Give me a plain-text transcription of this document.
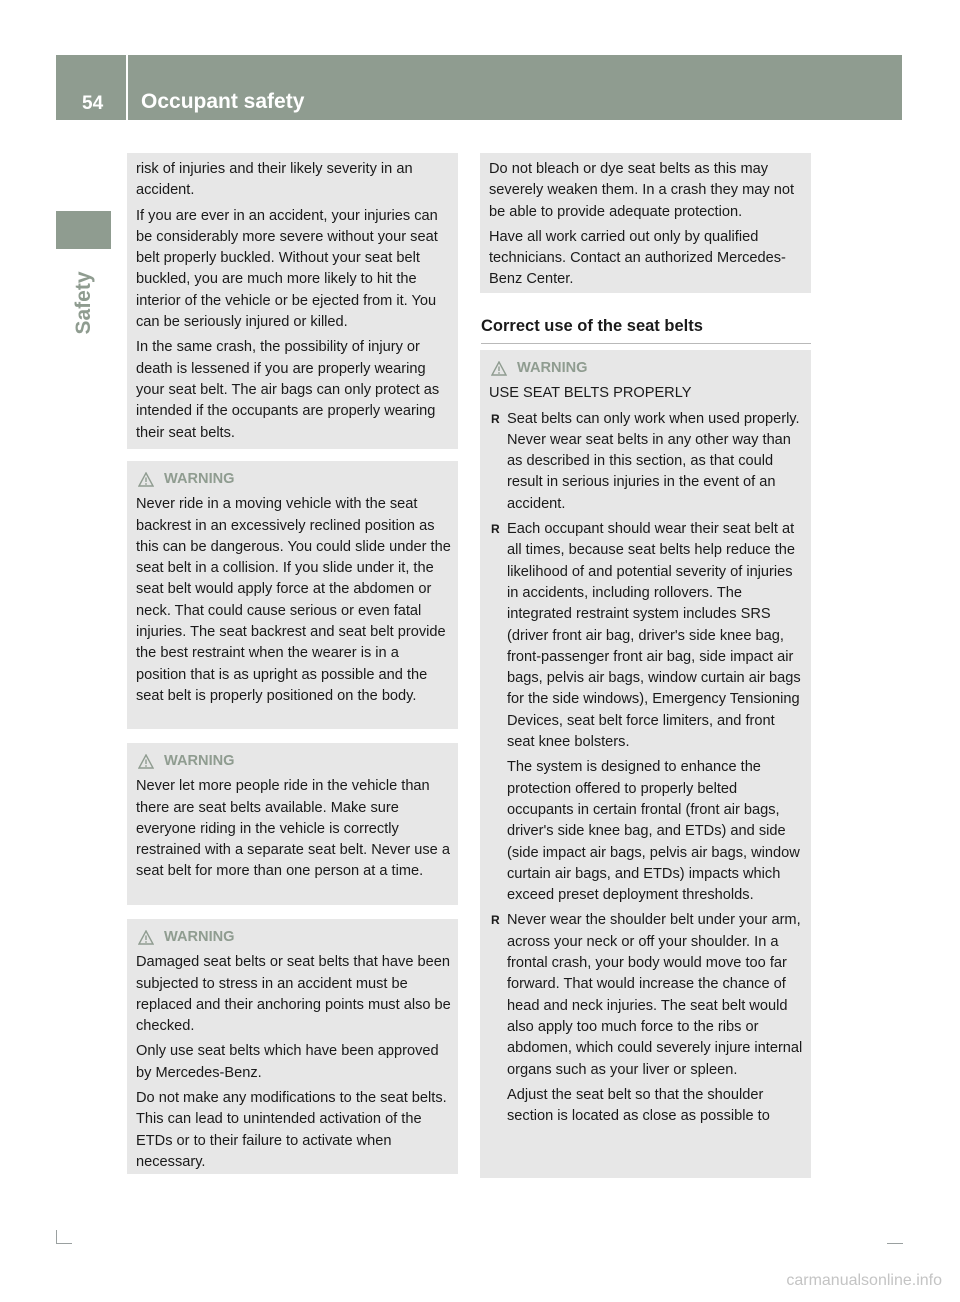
54 Occupant safety
Safety

risk of injuries and their likely severity in an accident.

If you are ever in an accident, your injuries can be considerably more severe without your seat belt properly buckled. Without your seat belt buckled, you are much more likely to hit the interior of the vehicle or be ejected from it. You can be seriously injured or killed.

In the same crash, the possibility of injury or death is lessened if you are properly wearing your seat belt. The air bags can only protect as intended if the occupants are properly wearing their seat belts.

WARNING

Never ride in a moving vehicle with the seat backrest in an excessively reclined position as this can be dangerous. You could slide under the seat belt in a collision. If you slide under it, the seat belt would apply force at the abdomen or neck. That could cause serious or even fatal injuries. The seat backrest and seat belt provide the best restraint when the wearer is in a position that is as upright as possible and the seat belt is properly positioned on the body.

WARNING

Never let more people ride in the vehicle than there are seat belts available. Make sure everyone riding in the vehicle is correctly restrained with a separate seat belt. Never use a seat belt for more than one person at a time.

WARNING

Damaged seat belts or seat belts that have been subjected to stress in an accident must be replaced and their anchoring points must also be checked.

Only use seat belts which have been approved by Mercedes-Benz.

Do not make any modifications to the seat belts. This can lead to unintended activation of the ETDs or to their failure to activate when necessary.

Do not bleach or dye seat belts as this may severely weaken them. In a crash they may not be able to provide adequate protection.

Have all work carried out only by qualified technicians. Contact an authorized Mercedes-Benz Center.

Correct use of the seat belts
WARNING

USE SEAT BELTS PROPERLY

R Seat belts can only work when used properly. Never wear seat belts in any other way than as described in this section, as that could result in serious injuries in the event of an accident.

R Each occupant should wear their seat belt at all times, because seat belts help reduce the likelihood of and potential severity of injuries in accidents, including rollovers. The integrated restraint system includes SRS (driver front air bag, driver's side knee bag, front-passenger front air bag, side impact air bags, pelvis air bags, window curtain air bags for the side windows), Emergency Tensioning Devices, seat belt force limiters, and front seat knee bolsters.

The system is designed to enhance the protection offered to properly belted occupants in certain frontal (front air bags, driver's side knee bag, and ETDs) and side (side impact air bags, pelvis air bags, window curtain air bags, and ETDs) impacts which exceed preset deployment thresholds.

R Never wear the shoulder belt under your arm, across your neck or off your shoulder. In a frontal crash, your body would move too far forward. That would increase the chance of head and neck injuries. The seat belt would also apply too much force to the ribs or abdomen, which could severely injure internal organs such as your liver or spleen.

Adjust the seat belt so that the shoulder section is located as close as possible to

carmanualsonline.info
